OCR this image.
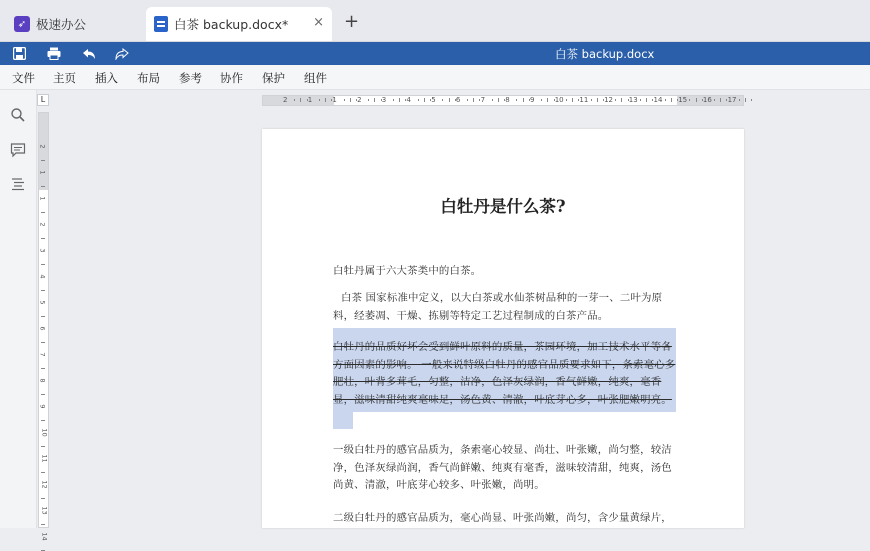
➶ 极速办公	白茶 backup.docx* × +
白茶 backup.docx
文件 主页 插入 布局 参考 协作 保护 组件
L	2	1	1	2	3	4	5	6	7	8	9	10 11 12 13 14 15 16 17
2
1
1
2
3
4
5
6
7
8
9
10
11
12
13
14
白牡丹是什么茶?
白牡丹属于六大茶类中的白茶。
白茶 国家标准中定义，以大白茶或水仙茶树品种的一芽一、二叶为原料，经萎凋、干燥、拣剔等特定工艺过程制成的白茶产品。
白牡丹的品质好坏会受到鲜叶原料的质量，茶园环境，加工技术水平等各方面因素的影响。 一般来说特级白牡丹的感官品质要求如下，条索毫心多肥壮，叶背多茸毛，匀整，洁净，色泽灰绿润，香气鲜嫩，纯爽，毫香显，滋味清甜纯爽毫味足，汤色黄、清澈，叶底芽心多，叶张肥嫩明亮。
一级白牡丹的感官品质为，条索毫心较显、尚壮、叶张嫩，尚匀整，较洁净，色泽灰绿尚润，香气尚鲜嫩、纯爽有毫香，滋味较清甜，纯爽，汤色尚黄、清澈，叶底芽心较多、叶张嫩，尚明。
二级白牡丹的感官品质为，毫心尚显、叶张尚嫩，尚匀，含少量黄绿片，
